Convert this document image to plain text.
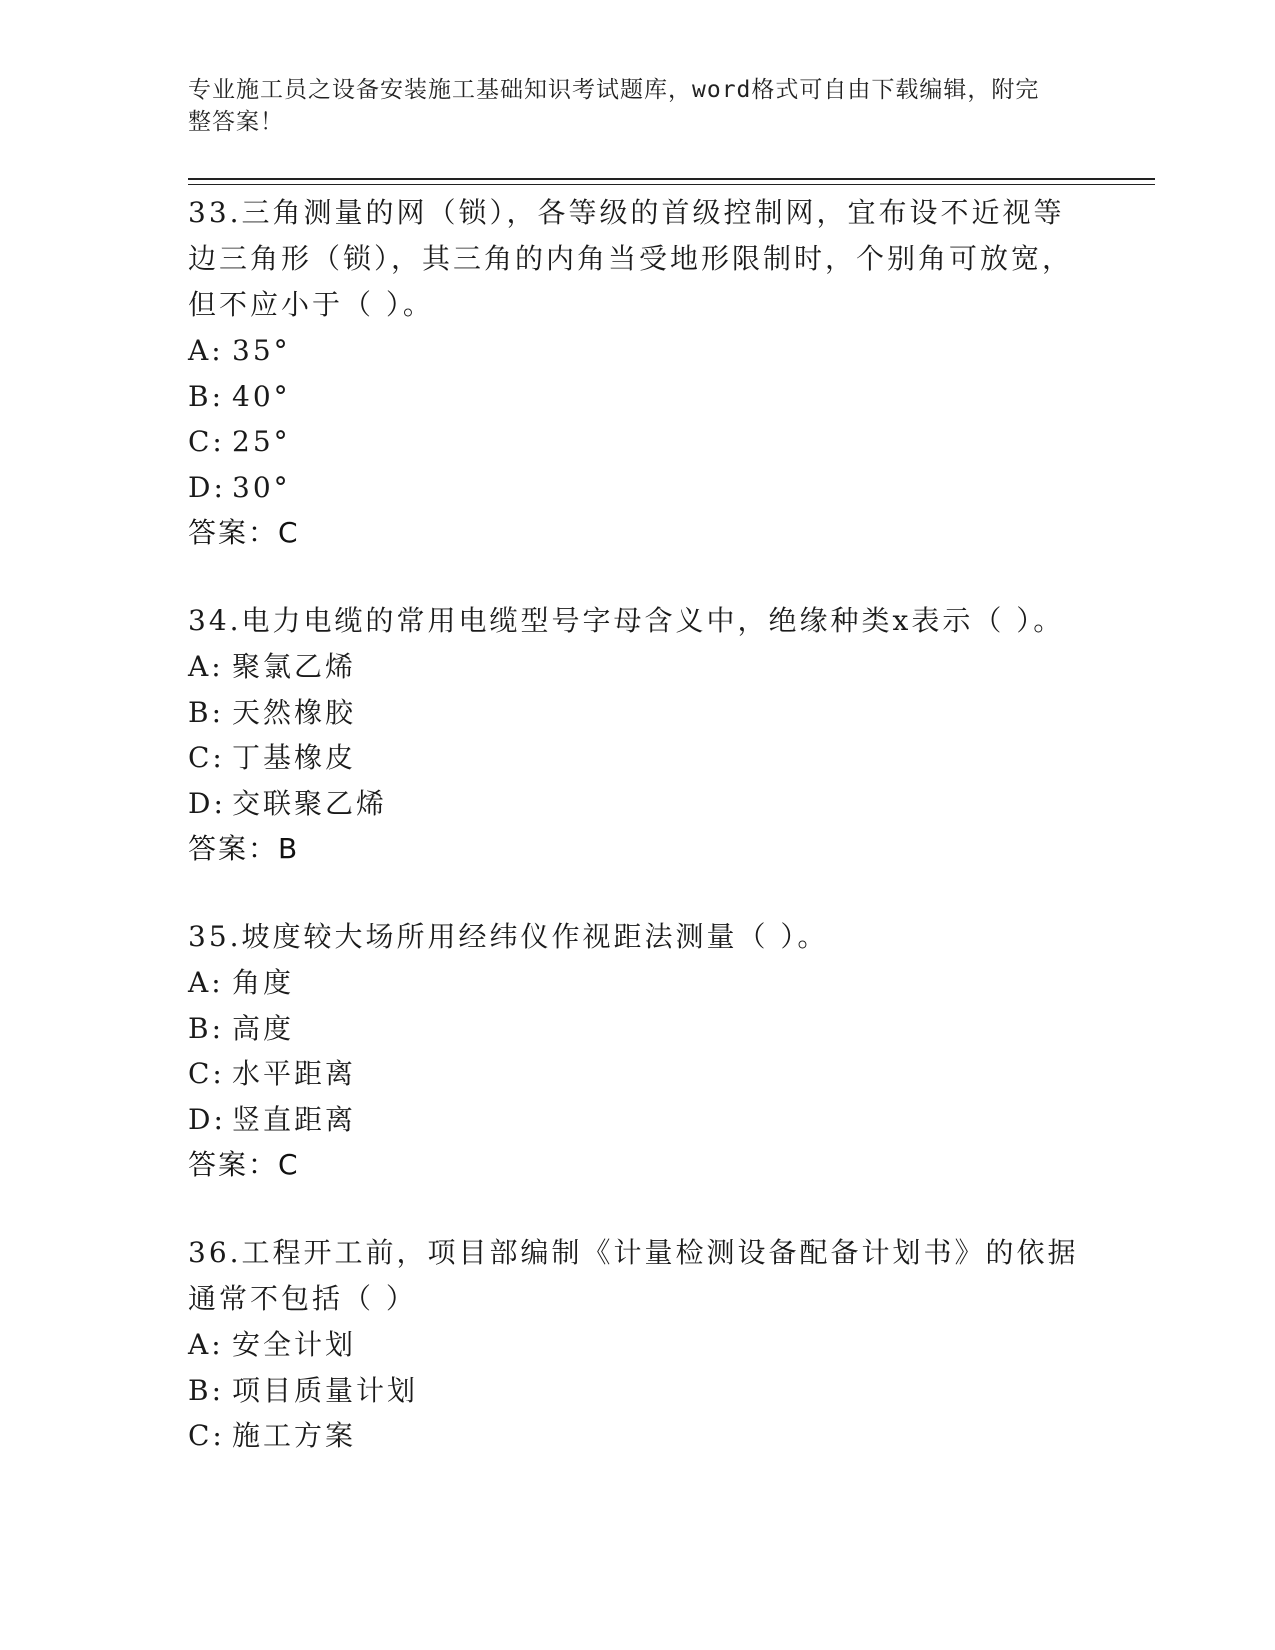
专业施工员之设备安装施工基础知识考试题库，word格式可自由下载编辑，附完
整答案！
33.三角测量的网（锁），各等级的首级控制网，宜布设不近视等边三角形（锁），其三角的内角当受地形限制时，个别角可放宽，但不应小于（ ）。
A: 35°
B: 40°
C: 25°
D: 30°
答案：C
34.电力电缆的常用电缆型号字母含义中，绝缘种类x表示（ ）。
A: 聚氯乙烯
B: 天然橡胶
C: 丁基橡皮
D: 交联聚乙烯
答案：B
35.坡度较大场所用经纬仪作视距法测量（ ）。
A: 角度
B: 高度
C: 水平距离
D: 竖直距离
答案：C
36.工程开工前，项目部编制《计量检测设备配备计划书》的依据通常不包括（ ）
A: 安全计划
B: 项目质量计划
C: 施工方案
